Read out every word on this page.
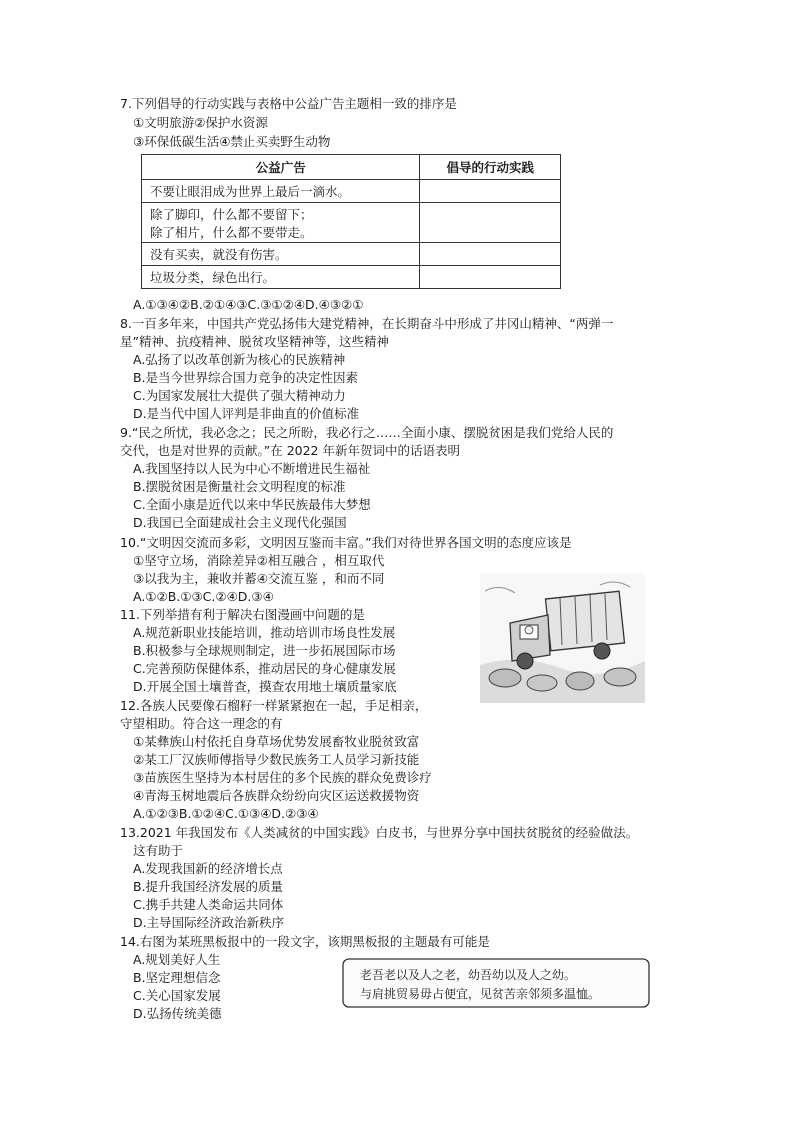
7.下列倡导的行动实践与表格中公益广告主题相一致的排序是
①文明旅游②保护水资源
③环保低碳生活④禁止买卖野生动物
公益广告	倡导的行动实践
不要让眼泪成为世界上最后一滴水。	

除了脚印，什么都不要留下；
除了相片，什么都不要带走。	

没有买卖，就没有伤害。	
垃圾分类，绿色出行。	
A.①③④②B.②①④③C.③①②④D.④③②①
8.一百多年来，中国共产党弘扬伟大建党精神，在长期奋斗中形成了井冈山精神、“两弹一
星”精神、抗疫精神、脱贫攻坚精神等，这些精神
A.弘扬了以改革创新为核心的民族精神
B.是当今世界综合国力竞争的决定性因素
C.为国家发展壮大提供了强大精神动力
D.是当代中国人评判是非曲直的价值标准
9.“民之所忧，我必念之；民之所盼，我必行之……全面小康、摆脱贫困是我们党给人民的
交代，也是对世界的贡献。”在 2022 年新年贺词中的话语表明
A.我国坚持以人民为中心不断增进民生福祉
B.摆脱贫困是衡量社会文明程度的标准
C.全面小康是近代以来中华民族最伟大梦想
D.我国已全面建成社会主义现代化强国
10.“文明因交流而多彩，文明因互鉴而丰富。”我们对待世界各国文明的态度应该是
①坚守立场，消除差异②相互融合 ，相互取代
③以我为主，兼收并蓄④交流互鉴 ，和而不同
A.①②B.①③C.②④D.③④
11.下列举措有利于解决右图漫画中问题的是
A.规范新职业技能培训，推动培训市场良性发展
B.积极参与全球规则制定，进一步拓展国际市场
C.完善预防保健体系，推动居民的身心健康发展
D.开展全国土壤普查，摸查农用地土壤质量家底
12.各族人民要像石榴籽一样紧紧抱在一起，手足相亲，
守望相助。符合这一理念的有
①某彝族山村依托自身草场优势发展畜牧业脱贫致富
②某工厂汉族师傅指导少数民族务工人员学习新技能
③苗族医生坚持为本村居住的多个民族的群众免费诊疗
④青海玉树地震后各族群众纷纷向灾区运送救援物资
A.①②③B.①②④C.①③④D.②③④
13.2021 年我国发布《人类减贫的中国实践》白皮书，与世界分享中国扶贫脱贫的经验做法。
这有助于
A.发现我国新的经济增长点
B.提升我国经济发展的质量
C.携手共建人类命运共同体
D.主导国际经济政治新秩序
14.右图为某班黑板报中的一段文字，该期黑板报的主题最有可能是
A.规划美好人生
B.坚定理想信念
C.关心国家发展
D.弘扬传统美德
老吾老以及人之老，幼吾幼以及人之幼。
与肩挑贸易毋占便宜，见贫苦亲邻须多温恤。
